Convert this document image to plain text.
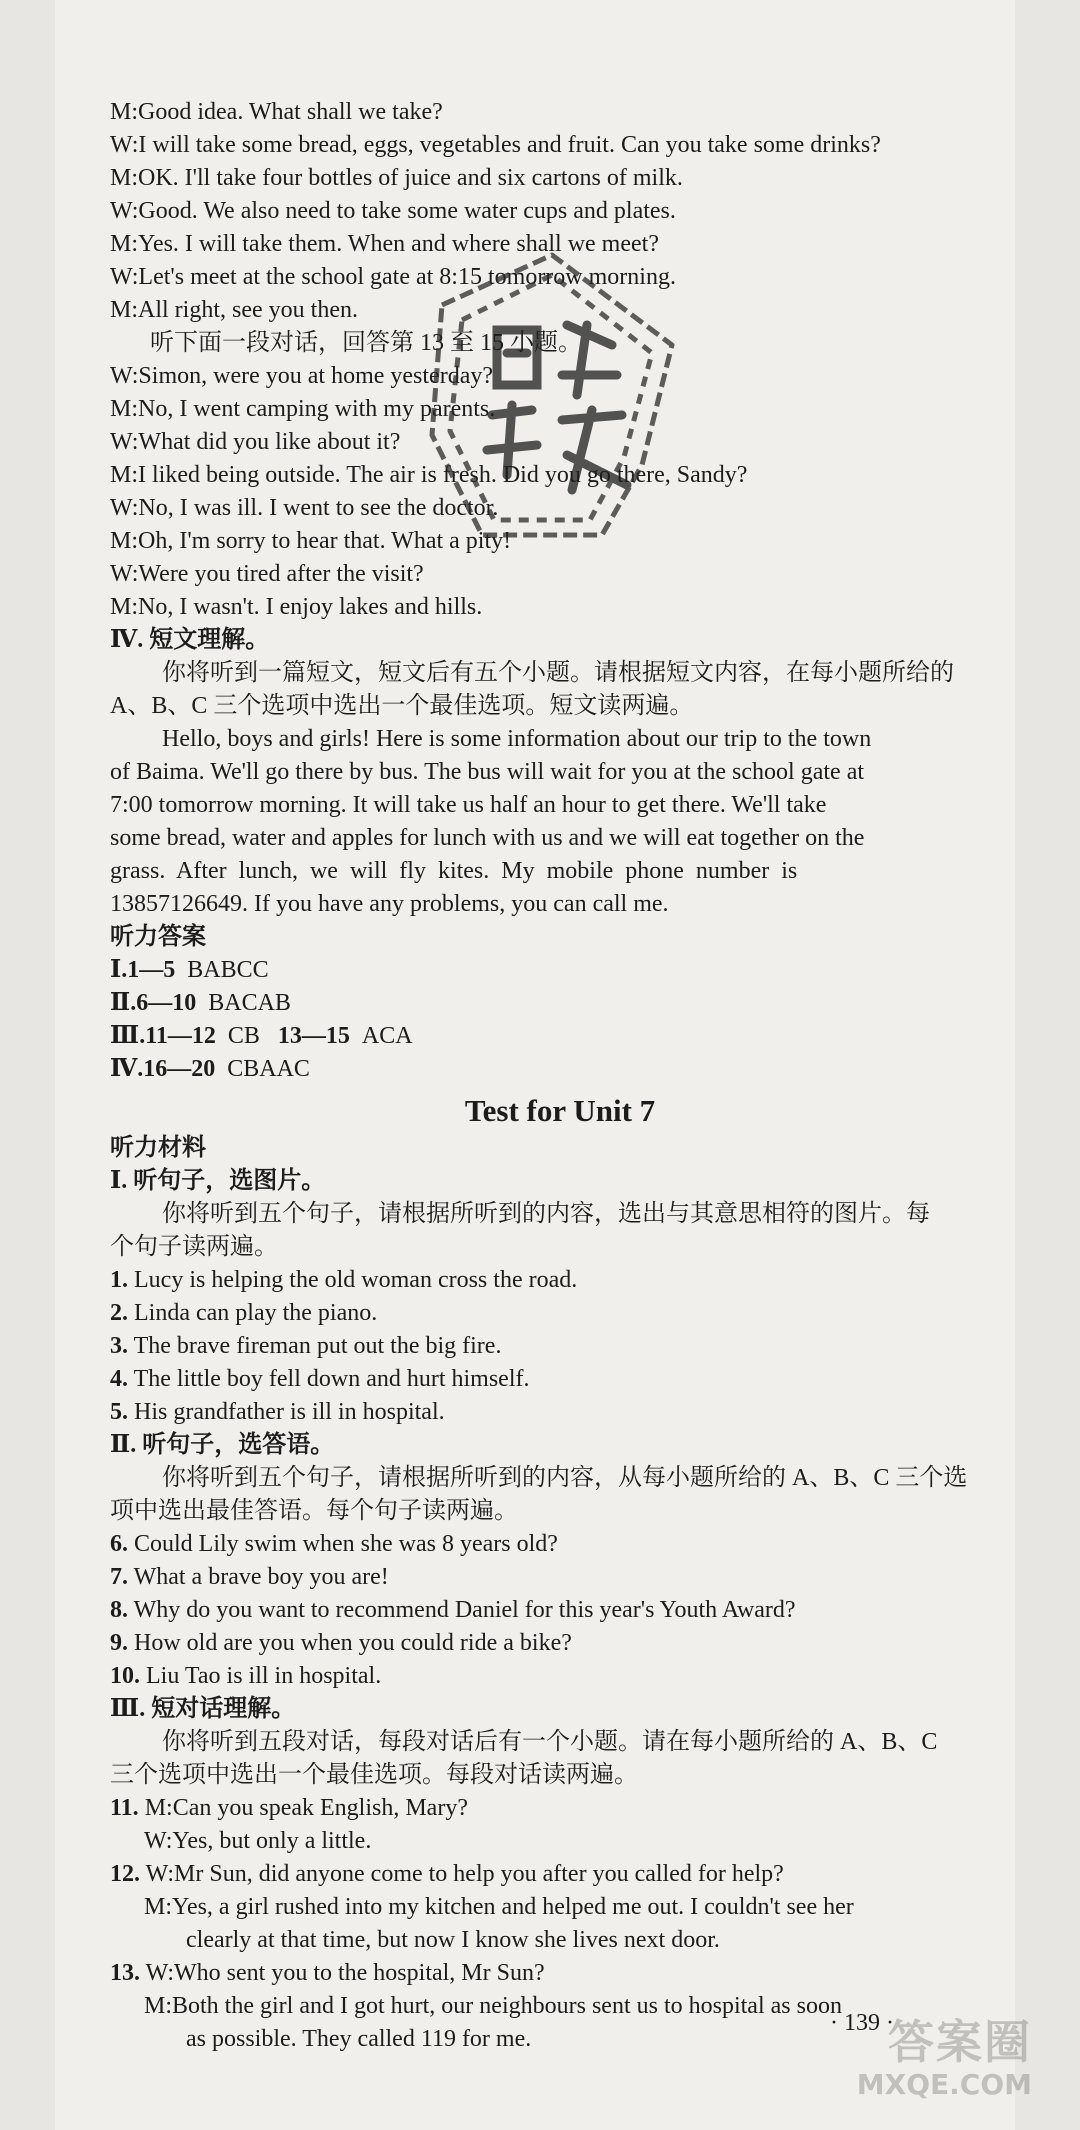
M:Good idea. What shall we take?
W:I will take some bread, eggs, vegetables and fruit. Can you take some drinks?
M:OK. I'll take four bottles of juice and six cartons of milk.
W:Good. We also need to take some water cups and plates.
M:Yes. I will take them. When and where shall we meet?
W:Let's meet at the school gate at 8:15 tomorrow morning.
M:All right, see you then.
听下面一段对话，回答第 13 至 15 小题。
W:Simon, were you at home yesterday?
M:No, I went camping with my parents.
W:What did you like about it?
M:I liked being outside. The air is fresh. Did you go there, Sandy?
W:No, I was ill. I went to see the doctor.
M:Oh, I'm sorry to hear that. What a pity!
W:Were you tired after the visit?
M:No, I wasn't. I enjoy lakes and hills.
Ⅳ. 短文理解。
你将听到一篇短文，短文后有五个小题。请根据短文内容，在每小题所给的
A、B、C 三个选项中选出一个最佳选项。短文读两遍。
Hello, boys and girls! Here is some information about our trip to the town
of Baima. We'll go there by bus. The bus will wait for you at the school gate at
7:00 tomorrow morning. It will take us half an hour to get there. We'll take
some bread, water and apples for lunch with us and we will eat together on the
grass. After lunch, we will fly kites. My mobile phone number is
13857126649. If you have any problems, you can call me.
听力答案
Ⅰ.1—5 BABCC
Ⅱ.6—10 BACAB
Ⅲ.11—12 CB 13—15 ACA
Ⅳ.16—20 CBAAC
Test for Unit 7
听力材料
Ⅰ. 听句子，选图片。
你将听到五个句子，请根据所听到的内容，选出与其意思相符的图片。每
个句子读两遍。
1. Lucy is helping the old woman cross the road.
2. Linda can play the piano.
3. The brave fireman put out the big fire.
4. The little boy fell down and hurt himself.
5. His grandfather is ill in hospital.
Ⅱ. 听句子，选答语。
你将听到五个句子，请根据所听到的内容，从每小题所给的 A、B、C 三个选
项中选出最佳答语。每个句子读两遍。
6. Could Lily swim when she was 8 years old?
7. What a brave boy you are!
8. Why do you want to recommend Daniel for this year's Youth Award?
9. How old are you when you could ride a bike?
10. Liu Tao is ill in hospital.
Ⅲ. 短对话理解。
你将听到五段对话，每段对话后有一个小题。请在每小题所给的 A、B、C
三个选项中选出一个最佳选项。每段对话读两遍。
11. M:Can you speak English, Mary?
W:Yes, but only a little.
12. W:Mr Sun, did anyone come to help you after you called for help?
M:Yes, a girl rushed into my kitchen and helped me out. I couldn't see her
clearly at that time, but now I know she lives next door.
13. W:Who sent you to the hospital, Mr Sun?
M:Both the girl and I got hurt, our neighbours sent us to hospital as soon
as possible. They called 119 for me.
· 139 ·
答案圈
MXQE.COM
